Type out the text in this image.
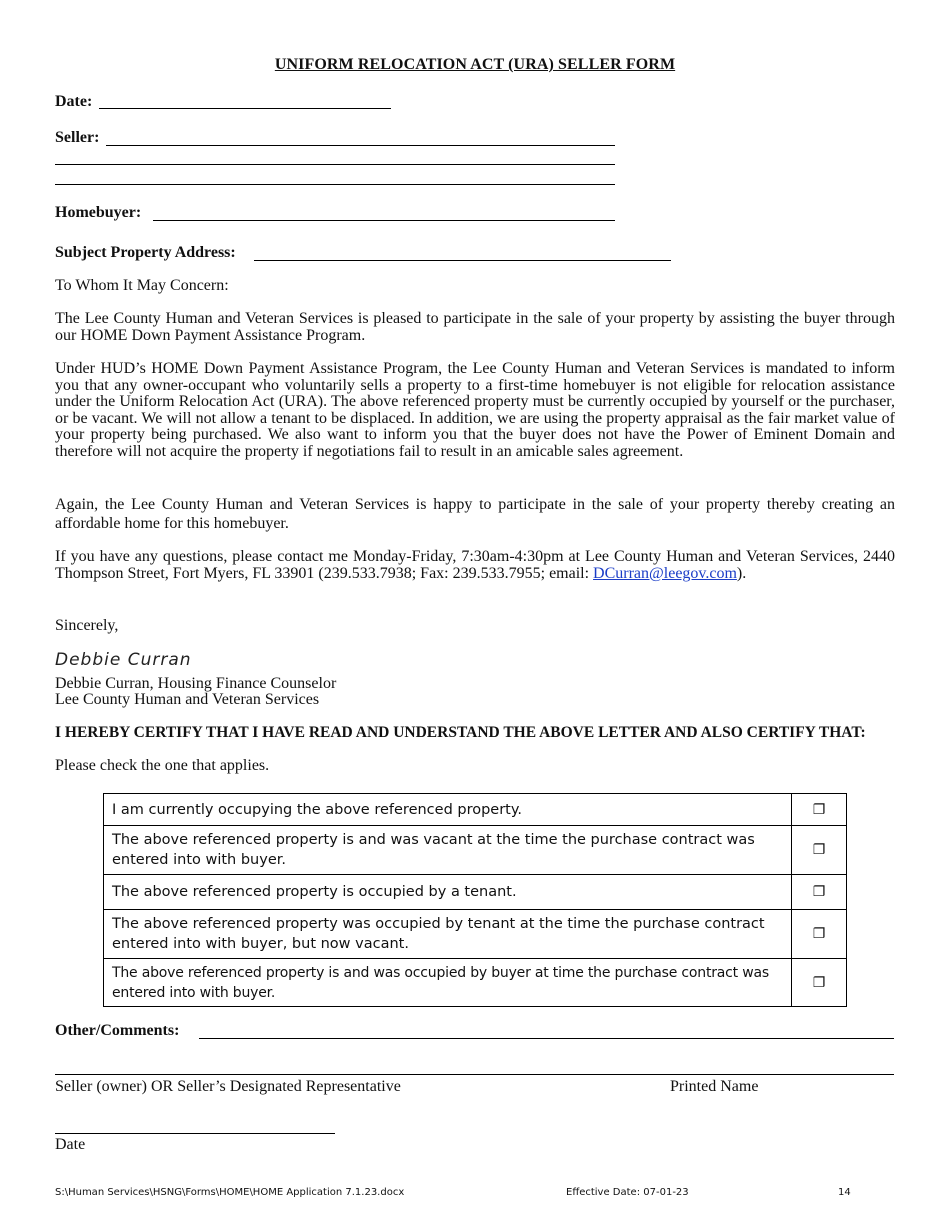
UNIFORM RELOCATION ACT (URA) SELLER FORM
Date:
Seller:
Homebuyer:
Subject Property Address:
To Whom It May Concern:
The Lee County Human and Veteran Services is pleased to participate in the sale of your property by assisting the buyer through our HOME Down Payment Assistance Program.
Under HUD’s HOME Down Payment Assistance Program, the Lee County Human and Veteran Services is mandated to inform you that any owner-occupant who voluntarily sells a property to a first-time homebuyer is not eligible for relocation assistance under the Uniform Relocation Act (URA). The above referenced property must be currently occupied by yourself or the purchaser, or be vacant. We will not allow a tenant to be displaced. In addition, we are using the property appraisal as the fair market value of your property being purchased. We also want to inform you that the buyer does not have the Power of Eminent Domain and therefore will not acquire the property if negotiations fail to result in an amicable sales agreement.
Again, the Lee County Human and Veteran Services is happy to participate in the sale of your property thereby creating an affordable home for this homebuyer.
If you have any questions, please contact me Monday-Friday, 7:30am-4:30pm at Lee County Human and Veteran Services, 2440 Thompson Street, Fort Myers, FL 33901 (239.533.7938; Fax: 239.533.7955; email: DCurran@leegov.com).
Sincerely,
Debbie Curran
Debbie Curran, Housing Finance Counselor
Lee County Human and Veteran Services
I HEREBY CERTIFY THAT I HAVE READ AND UNDERSTAND THE ABOVE LETTER AND ALSO CERTIFY THAT:
Please check the one that applies.
I am currently occupying the above referenced property.	❐
The above referenced property is and was vacant at the time the purchase contract was entered into with buyer.	❐
The above referenced property is occupied by a tenant.	❐
The above referenced property was occupied by tenant at the time the purchase contract entered into with buyer, but now vacant.	❐
The above referenced property is and was occupied by buyer at time the purchase contract was entered into with buyer.	❐
Other/Comments:
Seller (owner) OR Seller’s Designated Representative	Printed Name
Date
S:\Human Services\HSNG\Forms\HOME\HOME Application 7.1.23.docx	Effective Date: 07-01-23	14
